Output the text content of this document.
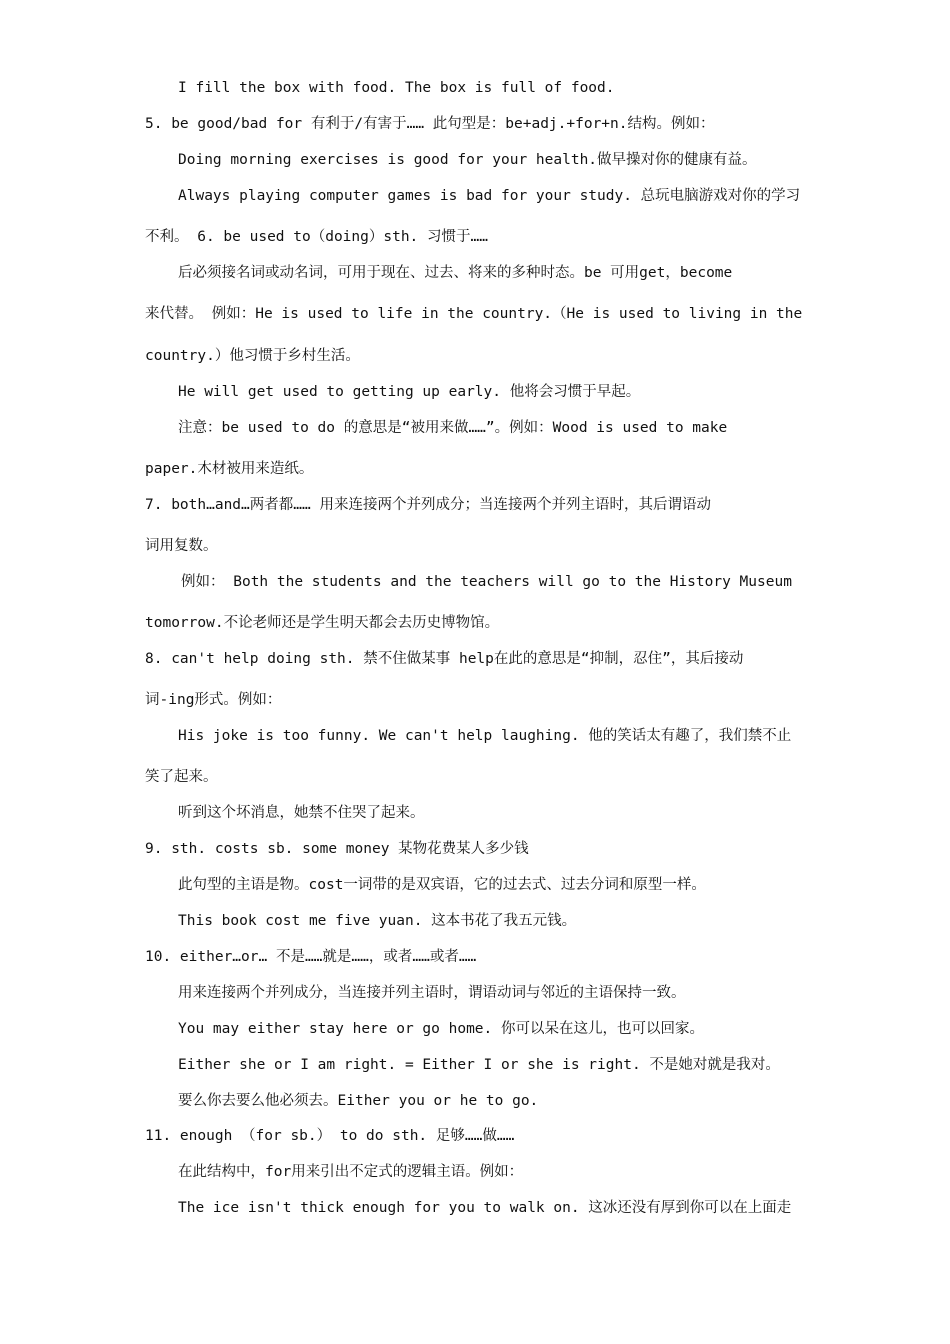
I fill the box with food. The box is full of food.
5. be good/bad for 有利于/有害于…… 此句型是：be+adj.+for+n.结构。例如：
Doing morning exercises is good for your health.做早操对你的健康有益。
Always playing computer games is bad for your study. 总玩电脑游戏对你的学习
不利。 6. be used to（doing）sth. 习惯于……
后必须接名词或动名词，可用于现在、过去、将来的多种时态。be 可用get，become
来代替。 例如：He is used to life in the country.（He is used to living in the
country.）他习惯于乡村生活。
He will get used to getting up early. 他将会习惯于早起。
注意：be used to do 的意思是“被用来做……”。例如：Wood is used to make
paper.木材被用来造纸。
7. both…and…两者都…… 用来连接两个并列成分；当连接两个并列主语时，其后谓语动
词用复数。
例如： Both the students and the teachers will go to the History Museum
tomorrow.不论老师还是学生明天都会去历史博物馆。
8. can't help doing sth. 禁不住做某事 help在此的意思是“抑制，忍住”，其后接动
词-ing形式。例如：
His joke is too funny. We can't help laughing. 他的笑话太有趣了，我们禁不止
笑了起来。
听到这个坏消息，她禁不住哭了起来。
9. sth. costs sb. some money 某物花费某人多少钱
此句型的主语是物。cost一词带的是双宾语，它的过去式、过去分词和原型一样。
This book cost me five yuan. 这本书花了我五元钱。
10. either…or… 不是……就是……，或者……或者……
用来连接两个并列成分，当连接并列主语时，谓语动词与邻近的主语保持一致。
You may either stay here or go home. 你可以呆在这儿，也可以回家。
Either she or I am right. = Either I or she is right. 不是她对就是我对。
要么你去要么他必须去。Either you or he to go.
11. enough （for sb.） to do sth. 足够……做……
在此结构中，for用来引出不定式的逻辑主语。例如：
The ice isn't thick enough for you to walk on. 这冰还没有厚到你可以在上面走
